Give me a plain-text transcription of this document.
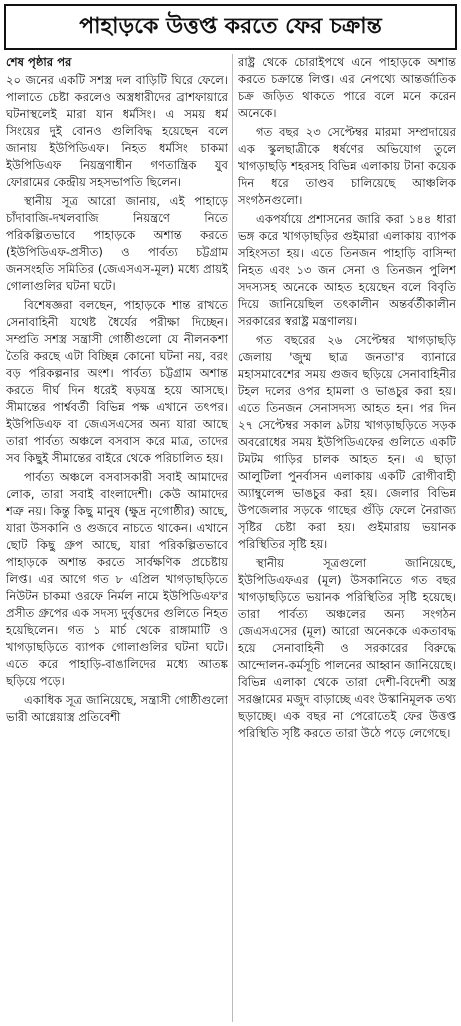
পাহাড়কে উত্তপ্ত করতে ফের চক্রান্ত
শেষ পৃষ্ঠার পর

২০ জনের একটি সশস্ত্র দল বাড়িটি ঘিরে ফেলে। পালাতে চেষ্টা করলেও অস্ত্রধারীদের ব্রাশফায়ারে ঘটনাস্থলেই মারা যান ধর্মসিং। এ সময় ধর্ম সিংয়ের দুই বোনও গুলিবিদ্ধ হয়েছেন বলে জানায় ইউপিডিএফ। নিহত ধর্মসিং চাকমা ইউপিডিএফ নিয়ন্ত্রণাধীন গণতান্ত্রিক যুব ফোরামের কেন্দ্রীয় সহসভাপতি ছিলেন।

স্থানীয় সূত্র আরো জানায়, এই পাহাড়ে চাঁদাবাজি-দখলবাজি নিয়ন্ত্রণে নিতে পরিকল্পিতভাবে পাহাড়কে অশান্ত করতে (ইউপিডিএফ-প্রসীত) ও পার্বত্য চট্টগ্রাম জনসংহতি সমিতির (জেএসএস-মূল) মধ্যে প্রায়ই গোলাগুলির ঘটনা ঘটে।

বিশেষজ্ঞরা বলছেন, পাহাড়কে শান্ত রাখতে সেনাবাহিনী যথেষ্ট ধৈর্যের পরীক্ষা দিচ্ছেন। সম্প্রতি সশস্ত্র সন্ত্রাসী গোষ্ঠীগুলো যে নীলনকশা তৈরি করছে এটা বিচ্ছিন্ন কোনো ঘটনা নয়, বরং বড় পরিকল্পনার অংশ। পার্বত্য চট্টগ্রাম অশান্ত করতে দীর্ঘ দিন ধরেই ষড়যন্ত্র হয়ে আসছে। সীমান্তের পার্শ্ববর্তী বিভিন্ন পক্ষ এখানে তৎপর। ইউপিডিএফ বা জেএসএসের অন্য যারা আছে তারা পার্বত্য অঞ্চলে বসবাস করে মাত্র, তাদের সব কিছুই সীমান্তের বাইরে থেকে পরিচালিত হয়।

পার্বত্য অঞ্চলে বসবাসকারী সবাই আমাদের লোক, তারা সবাই বাংলাদেশী। কেউ আমাদের শত্রু নয়। কিন্তু কিছু মানুষ (ক্ষুদ্র নৃগোষ্ঠীর) আছে, যারা উসকানি ও গুজবে নাচতে থাকেন। এখানে ছোট কিছু গ্রুপ আছে, যারা পরিকল্পিতভাবে পাহাড়কে অশান্ত করতে সার্বক্ষণিক প্রচেষ্টায় লিপ্ত। এর আগে গত ৮ এপ্রিল খাগড়াছড়িতে নিউটন চাকমা ওরফে নির্মল নামে ইউপিডিএফ'র প্রসীত গ্রুপের এক সদস্য দুর্বৃত্তদের গুলিতে নিহত হয়েছিলেন। গত ১ মার্চ থেকে রাঙ্গামাটি ও খাগড়াছড়িতে ব্যাপক গোলাগুলির ঘটনা ঘটে। এতে করে পাহাড়ি-বাঙালিদের মধ্যে আতঙ্ক ছড়িয়ে পড়ে।

একাধিক সূত্র জানিয়েছে, সন্ত্রাসী গোষ্ঠীগুলো ভারী আগ্নেয়াস্ত্র প্রতিবেশী

রাষ্ট্র থেকে চোরাইপথে এনে পাহাড়কে অশান্ত করতে চক্রান্তে লিপ্ত। এর নেপথ্যে আন্তর্জাতিক চক্র জড়িত থাকতে পারে বলে মনে করেন অনেকে।

গত বছর ২৩ সেপ্টেম্বর মারমা সম্প্রদায়ের এক স্কুলছাত্রীকে ধর্ষণের অভিযোগ তুলে খাগড়াছড়ি শহরসহ বিভিন্ন এলাকায় টানা কয়েক দিন ধরে তাণ্ডব চালিয়েছে আঞ্চলিক সংগঠনগুলো।

একপর্যায়ে প্রশাসনের জারি করা ১৪৪ ধারা ভঙ্গ করে খাগড়াছড়ির গুইমারা এলাকায় ব্যাপক সহিংসতা হয়। এতে তিনজন পাহাড়ি বাসিন্দা নিহত এবং ১৩ জন সেনা ও তিনজন পুলিশ সদস্যসহ অনেকে আহত হয়েছেন বলে বিবৃতি দিয়ে জানিয়েছিল তৎকালীন অন্তর্বর্তীকালীন সরকারের স্বরাষ্ট্র মন্ত্রণালয়।

গত বছরের ২৬ সেপ্টেম্বর খাগড়াছড়ি জেলায় 'জুম্ম ছাত্র জনতা'র ব্যানারে মহাসমাবেশের সময় গুজব ছড়িয়ে সেনাবাহিনীর টহল দলের ওপর হামলা ও ভাঙচুর করা হয়। এতে তিনজন সেনাসদস্য আহত হন। পর দিন ২৭ সেপ্টেম্বর সকাল ৯টায় খাগড়াছড়িতে সড়ক অবরোধের সময় ইউপিডিএফের গুলিতে একটি টমটম গাড়ির চালক আহত হন। এ ছাড়া আলুটিলা পুনর্বাসন এলাকায় একটি রোগীবাহী অ্যাম্বুলেন্স ভাঙচুর করা হয়। জেলার বিভিন্ন উপজেলার সড়কে গাছের গুঁড়ি ফেলে নৈরাজ্য সৃষ্টির চেষ্টা করা হয়। গুইমারায় ভয়ানক পরিস্থিতির সৃষ্টি হয়।

স্থানীয় সূত্রগুলো জানিয়েছে, ইউপিডিএফএর (মূল) উসকানিতে গত বছর খাগড়াছড়িতে ভয়ানক পরিস্থিতির সৃষ্টি হয়েছে। তারা পার্বত্য অঞ্চলের অন্য সংগঠন জেএসএসের (মূল) আরো অনেককে একতাবদ্ধ হয়ে সেনাবাহিনী ও সরকারের বিরুদ্ধে আন্দোলন-কর্মসূচি পালনের আহ্বান জানিয়েছে। বিভিন্ন এলাকা থেকে তারা দেশী-বিদেশী অস্ত্র সরঞ্জামের মজুদ বাড়াচ্ছে এবং উস্কানিমূলক তথ্য ছড়াচ্ছে। এক বছর না পেরোতেই ফের উত্তপ্ত পরিস্থিতি সৃষ্টি করতে তারা উঠে পড়ে লেগেছে।
